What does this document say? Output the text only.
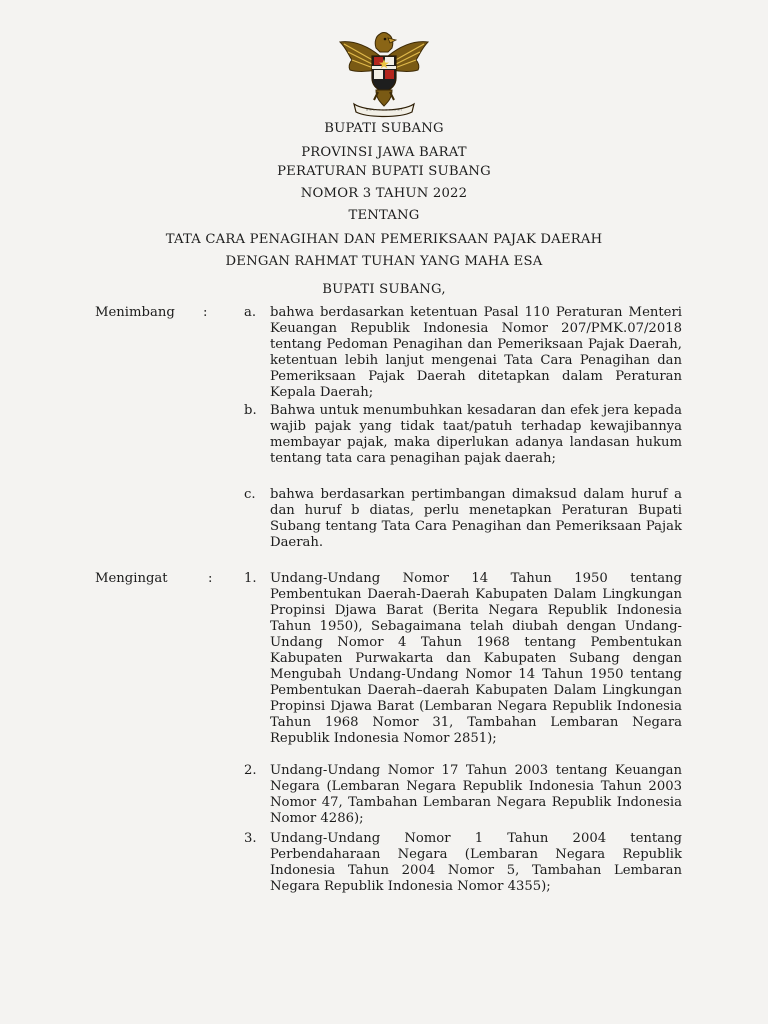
BUPATI SUBANG
PROVINSI JAWA BARAT
PERATURAN BUPATI SUBANG
NOMOR 3 TAHUN 2022
TENTANG
TATA CARA PENAGIHAN DAN PEMERIKSAAN PAJAK DAERAH
DENGAN RAHMAT TUHAN YANG MAHA ESA
BUPATI SUBANG,
Menimbang :	a. bahwa berdasarkan ketentuan Pasal 110 Peraturan Menteri Keuangan Republik Indonesia Nomor 207/PMK.07/2018 tentang Pedoman Penagihan dan Pemeriksaan Pajak Daerah, ketentuan lebih lanjut mengenai Tata Cara Penagihan dan Pemeriksaan Pajak Daerah ditetapkan dalam Peraturan Kepala Daerah;

b. Bahwa untuk menumbuhkan kesadaran dan efek jera kepada wajib pajak yang tidak taat/patuh terhadap kewajibannya membayar pajak, maka diperlukan adanya landasan hukum tentang tata cara penagihan pajak daerah;

c. bahwa berdasarkan pertimbangan dimaksud dalam huruf a dan huruf b diatas, perlu menetapkan Peraturan Bupati Subang tentang Tata Cara Penagihan dan Pemeriksaan Pajak Daerah.

Mengingat	: 1. Undang-Undang Nomor 14 Tahun 1950 tentang Pembentukan Daerah-Daerah Kabupaten Dalam Lingkungan Propinsi Djawa Barat (Berita Negara Republik Indonesia Tahun 1950), Sebagaimana telah diubah dengan Undang-Undang Nomor 4 Tahun 1968 tentang Pembentukan Kabupaten Purwakarta dan Kabupaten Subang dengan Mengubah Undang-Undang Nomor 14 Tahun 1950 tentang Pembentukan Daerah–daerah Kabupaten Dalam Lingkungan Propinsi Djawa Barat (Lembaran Negara Republik Indonesia Tahun 1968 Nomor 31, Tambahan Lembaran Negara Republik Indonesia Nomor 2851);

2. Undang-Undang Nomor 17 Tahun 2003 tentang Keuangan Negara (Lembaran Negara Republik Indonesia Tahun 2003 Nomor 47, Tambahan Lembaran Negara Republik Indonesia Nomor 4286);

3. Undang-Undang Nomor 1 Tahun 2004 tentang Perbendaharaan Negara (Lembaran Negara Republik Indonesia Tahun 2004 Nomor 5, Tambahan Lembaran Negara Republik Indonesia Nomor 4355);
